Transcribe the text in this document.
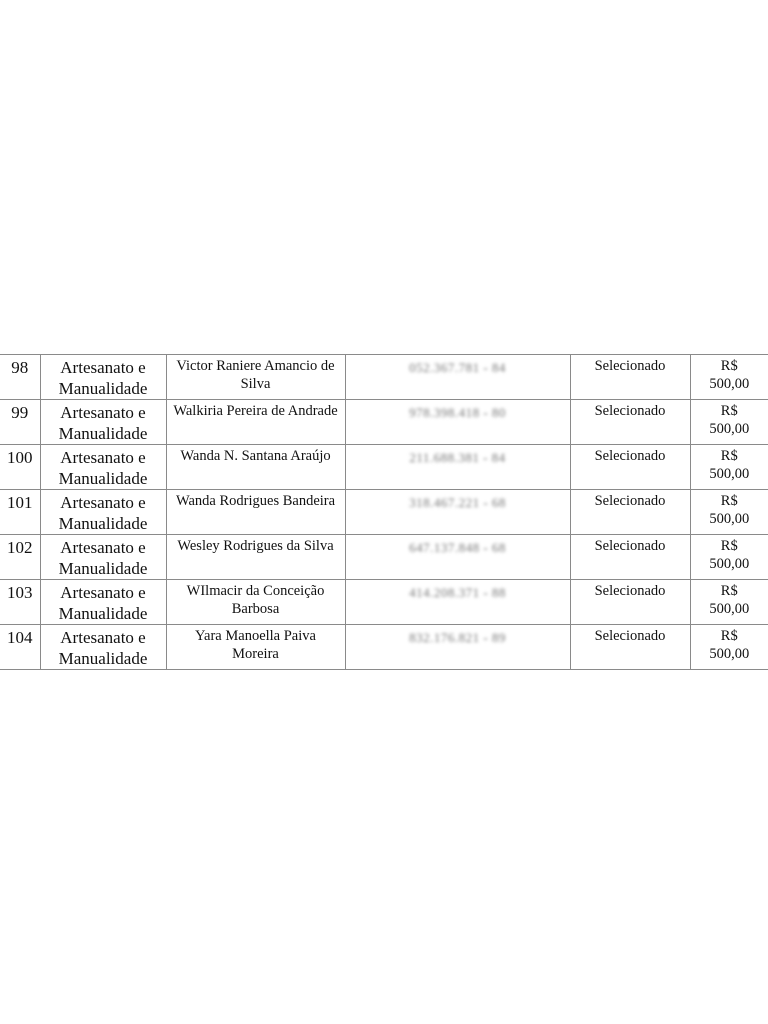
98	Artesanato e
Manualidade	Victor Raniere Amancio de Silva	052.367.781 - 84	Selecionado	R$
500,00

99	Artesanato e
Manualidade	Walkiria Pereira de Andrade	978.398.418 - 80	Selecionado	R$
500,00

100	Artesanato e
Manualidade	Wanda N. Santana Araújo	211.688.381 - 84	Selecionado	R$
500,00

101	Artesanato e
Manualidade	Wanda Rodrigues Bandeira	318.467.221 - 68	Selecionado	R$
500,00

102	Artesanato e
Manualidade	Wesley Rodrigues da Silva	647.137.848 - 68	Selecionado	R$
500,00

103	Artesanato e
Manualidade	WIlmacir da Conceição Barbosa	414.208.371 - 88	Selecionado	R$
500,00

104	Artesanato e
Manualidade	Yara Manoella Paiva Moreira	832.176.821 - 89	Selecionado	R$
500,00
